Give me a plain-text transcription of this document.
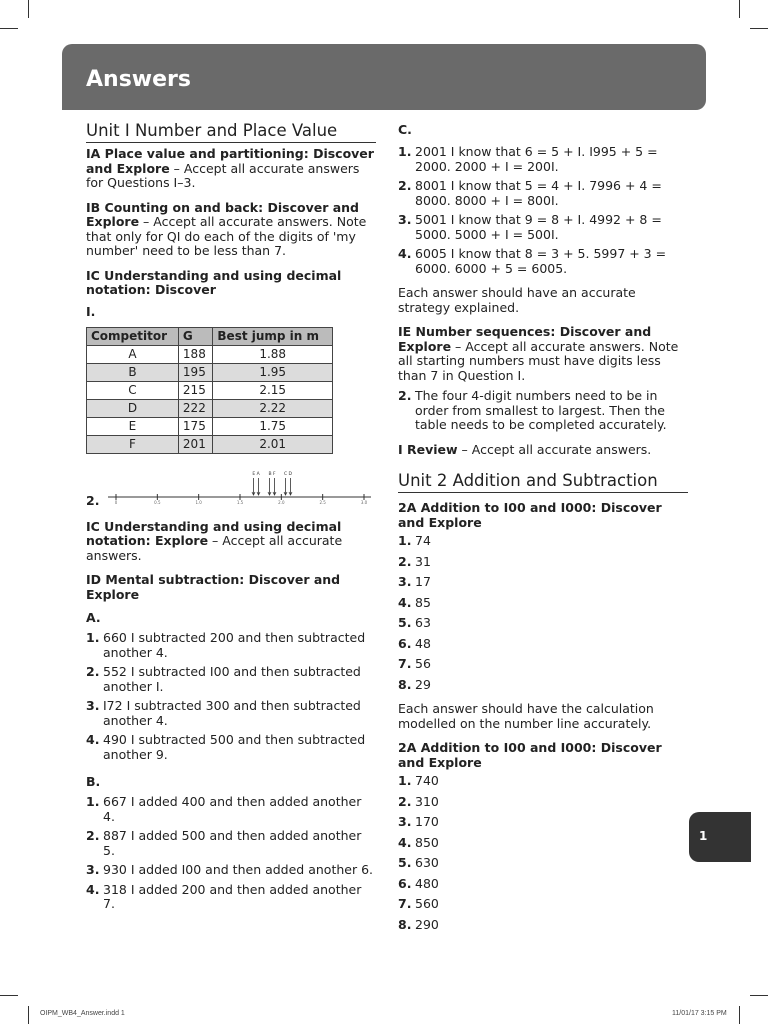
Answers
Unit I Number and Place Value

IA Place value and partitioning: Discover and Explore – Accept all accurate answers for Questions I–3.

IB Counting on and back: Discover and Explore – Accept all accurate answers. Note that only for QI do each of the digits of 'my number' need to be less than 7.

IC Understanding and using decimal notation: Discover

I.
Competitor	G	Best jump in m
A	188	1.88
B	195	1.95
C	215	2.15
D	222	2.22
E	175	1.75
F	201	2.01
2.	0	0.5	1.0	1.5	2.0	2.5	3.0
E A B F C D

IC Understanding and using decimal notation: Explore – Accept all accurate answers.

ID Mental subtraction: Discover and Explore

A.
1. 660 I subtracted 200 and then subtracted another 4.
2. 552 I subtracted I00 and then subtracted another I.
3. I72 I subtracted 300 and then subtracted another 4.
4. 490 I subtracted 500 and then subtracted another 9.
B.
1. 667 I added 400 and then added another 4.
2. 887 I added 500 and then added another 5.
3. 930 I added I00 and then added another 6.
4. 318 I added 200 and then added another 7.
C.
1. 2001 I know that 6 = 5 + I. I995 + 5 = 2000. 2000 + I = 200I.
2. 8001 I know that 5 = 4 + I. 7996 + 4 = 8000. 8000 + I = 800I.
3. 5001 I know that 9 = 8 + I. 4992 + 8 = 5000. 5000 + I = 500I.
4. 6005 I know that 8 = 3 + 5. 5997 + 3 = 6000. 6000 + 5 = 6005.

Each answer should have an accurate strategy explained.

IE Number sequences: Discover and Explore – Accept all accurate answers. Note all starting numbers must have digits less than 7 in Question I.

2. The four 4-digit numbers need to be in order from smallest to largest. Then the table needs to be completed accurately.

I Review – Accept all accurate answers.

Unit 2 Addition and Subtraction

2A Addition to I00 and I000: Discover and Explore

1. 74
2. 31
3. 17
4. 85
5. 63
6. 48
7. 56
8. 29

Each answer should have the calculation modelled on the number line accurately.

2A Addition to I00 and I000: Discover and Explore

1. 740
2. 310
3. 170
4. 850
5. 630
6. 480
7. 560
8. 290
1
OIPM_WB4_Answer.indd 1	11/01/17 3:15 PM
